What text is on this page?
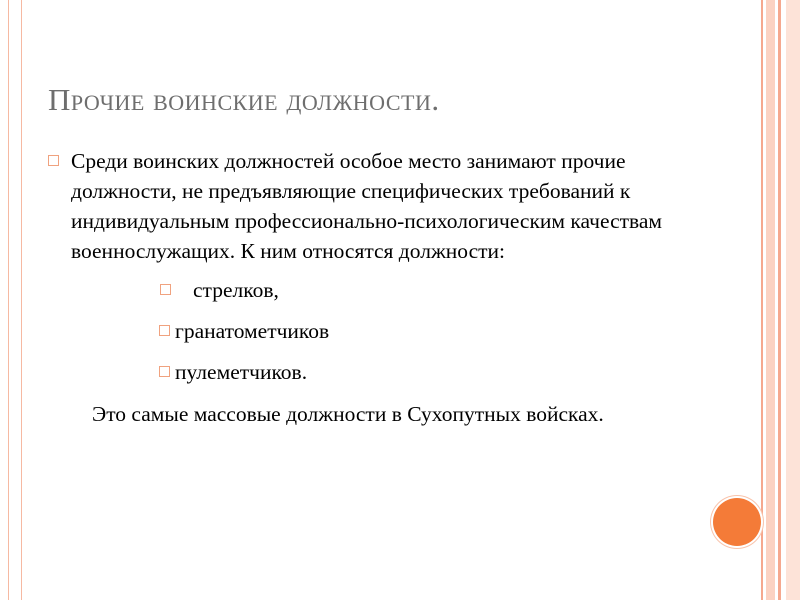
Прочие воинские должности.

Среди воинских должностей особое место занимают прочие должности, не предъявляющие специфических требований к индивидуальным профессионально-психологическим качествам военнослужащих. К ним относятся должности:

стрелков,
гранатометчиков
пулеметчиков.

Это самые массовые должности в Сухопутных войсках.
